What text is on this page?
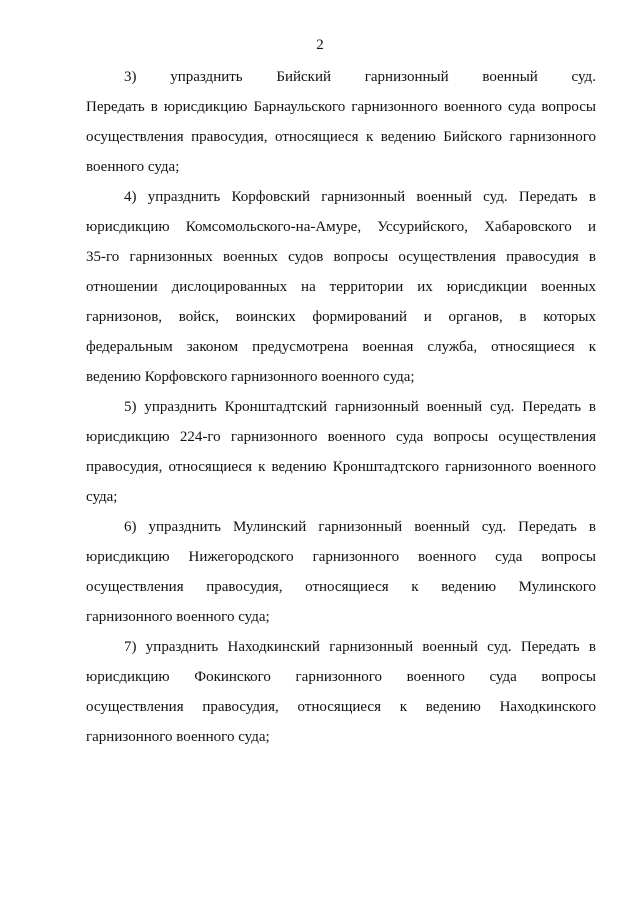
2
3) упразднить Бийский гарнизонный военный суд.
Передать в юрисдикцию Барнаульского гарнизонного военного суда вопросы
осуществления правосудия, относящиеся к ведению Бийского гарнизонного
военного суда;
4) упразднить Корфовский гарнизонный военный суд. Передать в
юрисдикцию Комсомольского-на-Амуре, Уссурийского, Хабаровского и
35-го гарнизонных военных судов вопросы осуществления правосудия в
отношении дислоцированных на территории их юрисдикции военных
гарнизонов, войск, воинских формирований и органов, в которых
федеральным законом предусмотрена военная служба, относящиеся к
ведению Корфовского гарнизонного военного суда;
5) упразднить Кронштадтский гарнизонный военный суд. Передать в
юрисдикцию 224-го гарнизонного военного суда вопросы осуществления
правосудия, относящиеся к ведению Кронштадтского гарнизонного военного
суда;
6) упразднить Мулинский гарнизонный военный суд. Передать в
юрисдикцию Нижегородского гарнизонного военного суда вопросы
осуществления правосудия, относящиеся к ведению Мулинского
гарнизонного военного суда;
7) упразднить Находкинский гарнизонный военный суд. Передать в
юрисдикцию Фокинского гарнизонного военного суда вопросы
осуществления правосудия, относящиеся к ведению Находкинского
гарнизонного военного суда;
